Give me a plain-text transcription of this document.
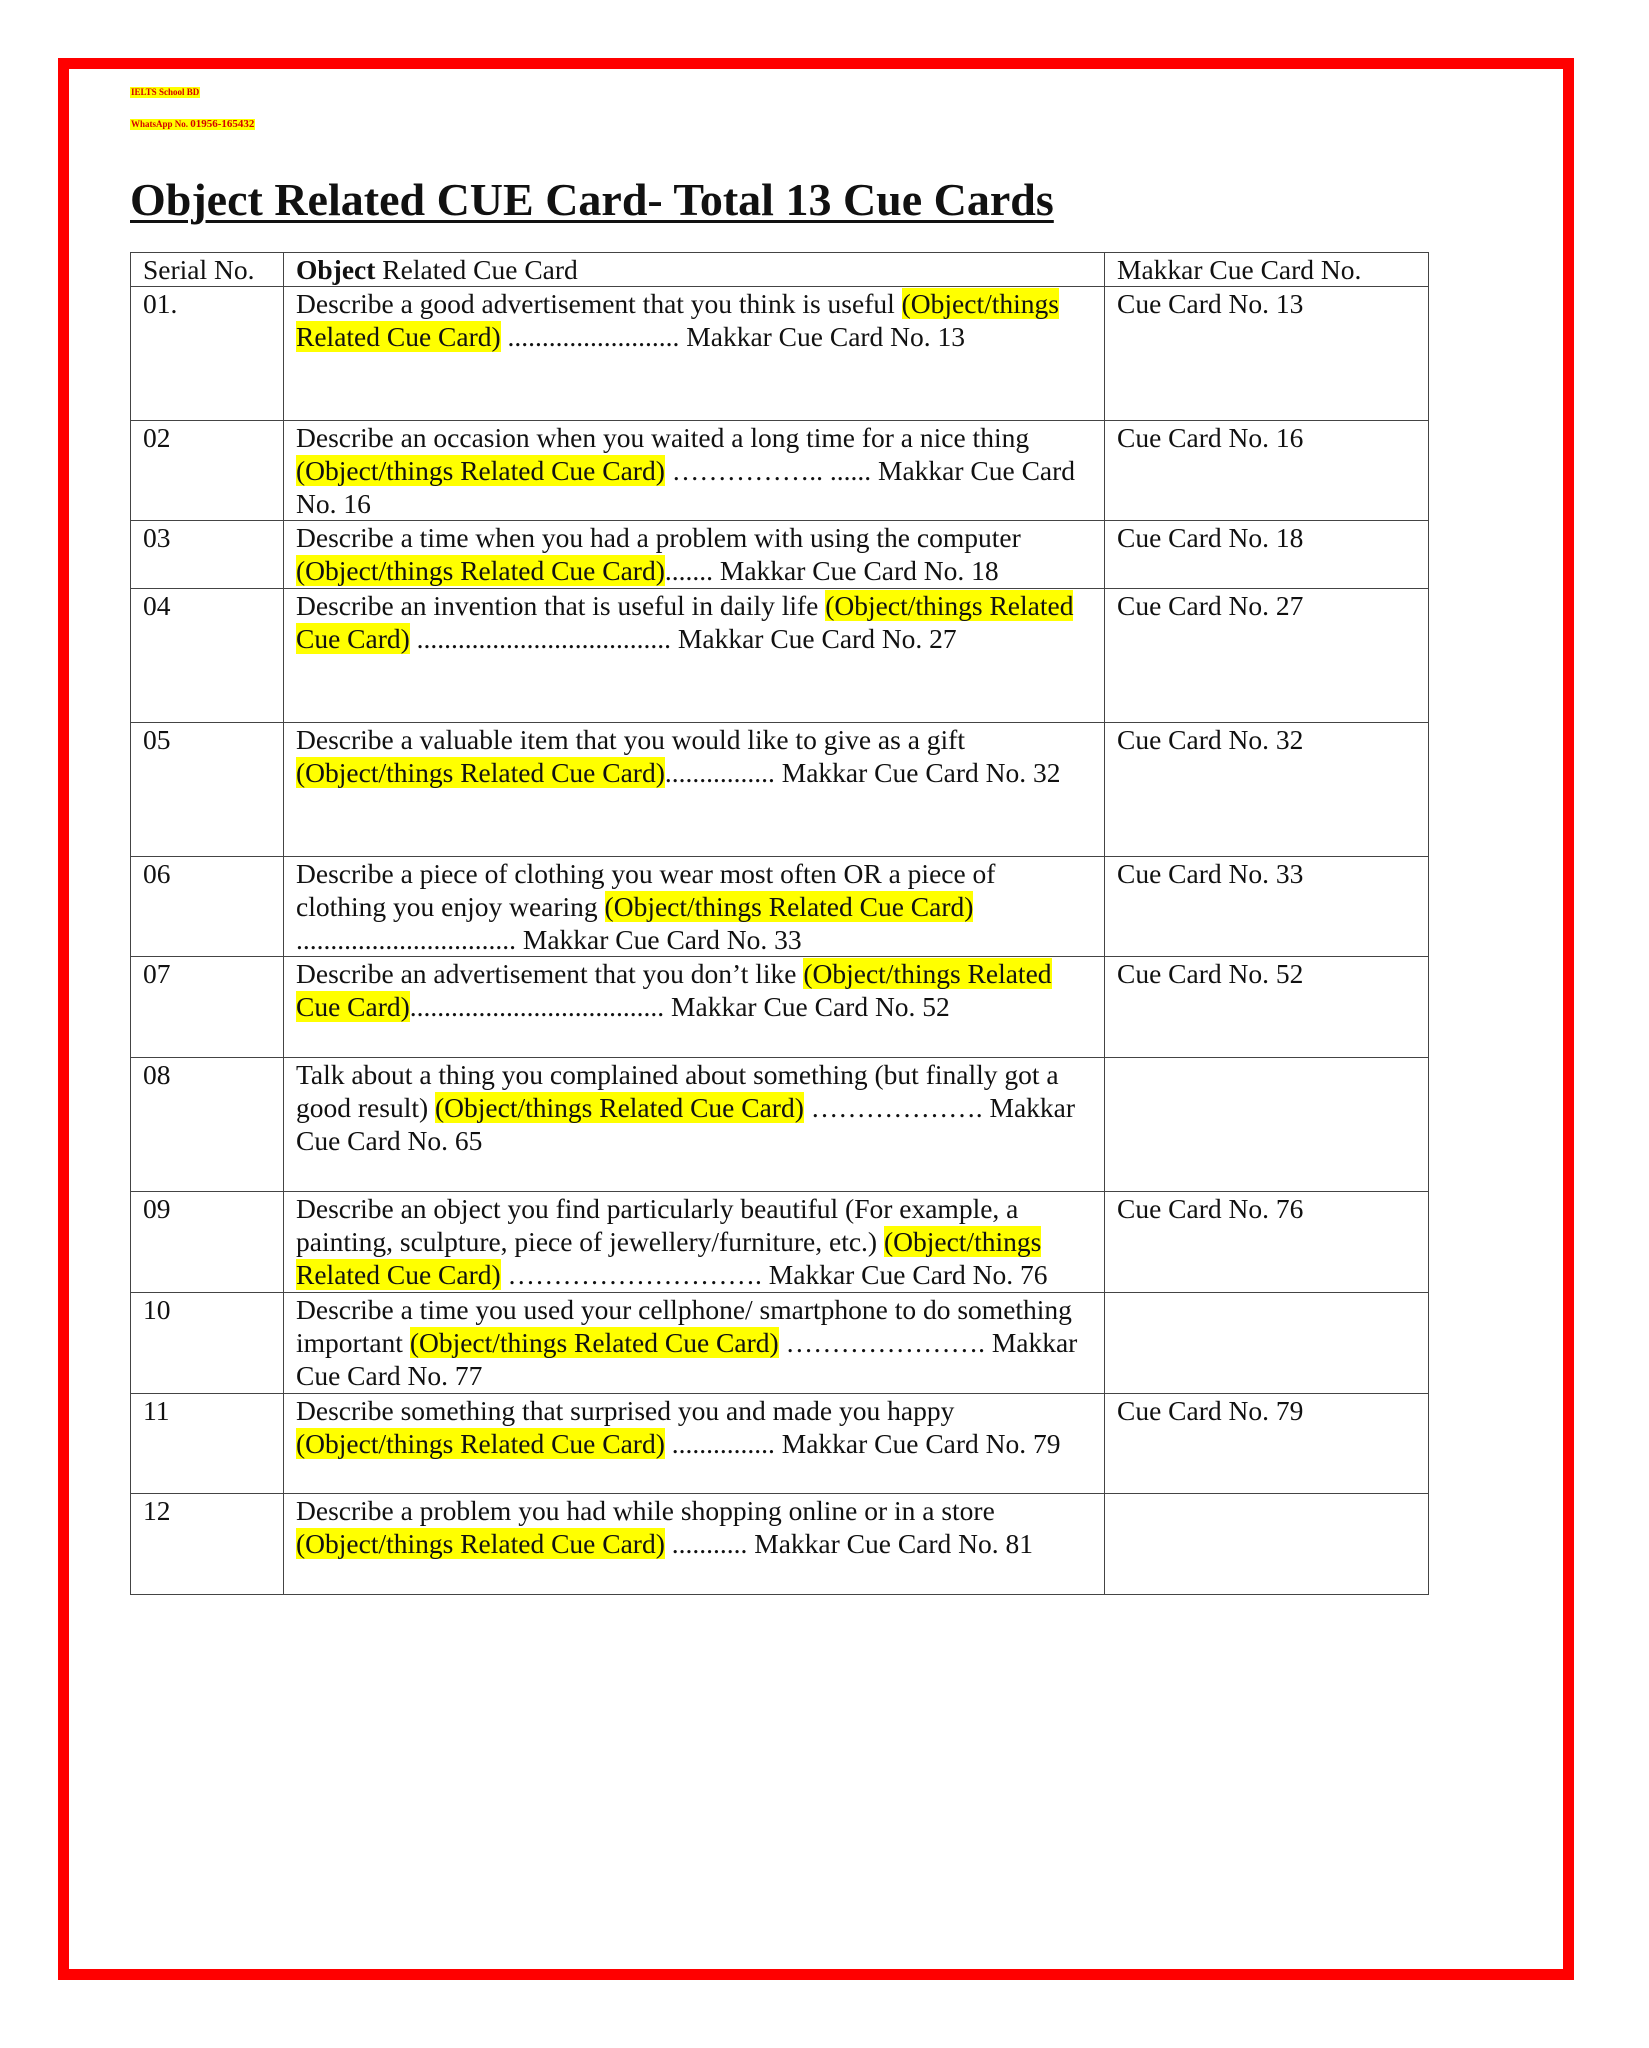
IELTS School BD
WhatsApp No. 01956-165432
Object Related CUE Card- Total 13 Cue Cards
Serial No.	Object Related Cue Card	Makkar Cue Card No.
01.	Describe a good advertisement that you think is useful (Object/things Related Cue Card) ......................... Makkar Cue Card No. 13	Cue Card No. 13
02	Describe an occasion when you waited a long time for a nice thing (Object/things Related Cue Card) …………….. ...... Makkar Cue Card No. 16	Cue Card No. 16
03	Describe a time when you had a problem with using the computer (Object/things Related Cue Card)....... Makkar Cue Card No. 18	Cue Card No. 18
04	Describe an invention that is useful in daily life (Object/things Related Cue Card) ..................................... Makkar Cue Card No. 27	Cue Card No. 27
05	Describe a valuable item that you would like to give as a gift (Object/things Related Cue Card)................ Makkar Cue Card No. 32	Cue Card No. 32
06	Describe a piece of clothing you wear most often OR a piece of clothing you enjoy wearing (Object/things Related Cue Card) ................................ Makkar Cue Card No. 33	Cue Card No. 33
07	Describe an advertisement that you don’t like (Object/things Related Cue Card)..................................... Makkar Cue Card No. 52	Cue Card No. 52
08	Talk about a thing you complained about something (but finally got a good result) (Object/things Related Cue Card) ………………. Makkar Cue Card No. 65	
09	Describe an object you find particularly beautiful (For example, a painting, sculpture, piece of jewellery/furniture, etc.) (Object/things Related Cue Card) ………………………. Makkar Cue Card No. 76	Cue Card No. 76
10	Describe a time you used your cellphone/ smartphone to do something important (Object/things Related Cue Card) …………………. Makkar Cue Card No. 77	
11	Describe something that surprised you and made you happy (Object/things Related Cue Card) ............... Makkar Cue Card No. 79	Cue Card No. 79
12	Describe a problem you had while shopping online or in a store (Object/things Related Cue Card) ........... Makkar Cue Card No. 81	
